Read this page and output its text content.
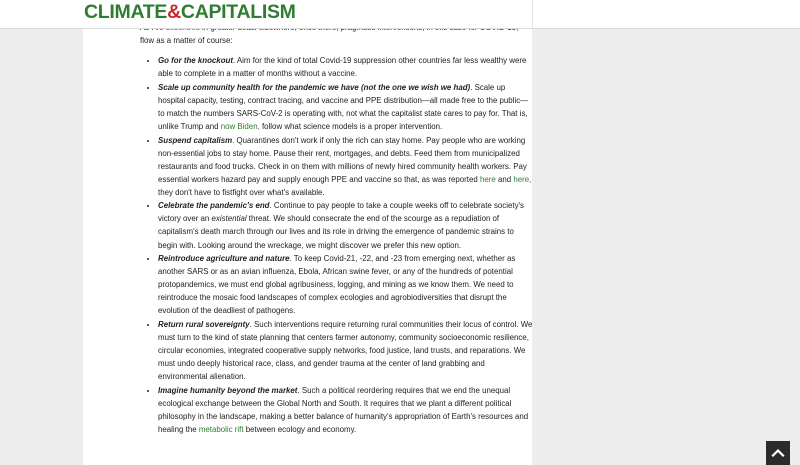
CLIMATE&CAPITALISM

flow as a matter of course:

• Go for the knockout. Aim for the kind of total Covid-19 suppression other countries far less wealthy were able to complete in a matter of months without a vaccine.
• Scale up community health for the pandemic we have (not the one we wish we had). Scale up hospital capacity, testing, contract tracing, and vaccine and PPE distribution—all made free to the public—to match the numbers SARS-CoV-2 is operating with, not what the capitalist state cares to pay for. That is, unlike Trump and now Biden, follow what science models is a proper intervention.
• Suspend capitalism. Quarantines don't work if only the rich can stay home. Pay people who are working non-essential jobs to stay home. Pause their rent, mortgages, and debts. Feed them from municipalized restaurants and food trucks. Check in on them with millions of newly hired community health workers. Pay essential workers hazard pay and supply enough PPE and vaccine so that, as was reported here and here, they don't have to fistfight over what's available.
• Celebrate the pandemic's end. Continue to pay people to take a couple weeks off to celebrate society's victory over an existential threat. We should consecrate the end of the scourge as a repudiation of capitalism's death march through our lives and its role in driving the emergence of pandemic strains to begin with. Looking around the wreckage, we might discover we prefer this new option.
• Reintroduce agriculture and nature. To keep Covid-21, -22, and -23 from emerging next, whether as another SARS or as an avian influenza, Ebola, African swine fever, or any of the hundreds of potential protopandemics, we must end global agribusiness, logging, and mining as we know them. We need to reintroduce the mosaic food landscapes of complex ecologies and agrobiodiversities that disrupt the evolution of the deadliest of pathogens.
• Return rural sovereignty. Such interventions require returning rural communities their locus of control. We must turn to the kind of state planning that centers farmer autonomy, community socioeconomic resilience, circular economies, integrated cooperative supply networks, food justice, land trusts, and reparations. We must undo deeply historical race, class, and gender trauma at the center of land grabbing and environmental alienation.
• Imagine humanity beyond the market. Such a political reordering requires that we end the unequal ecological exchange between the Global North and South. It requires that we plant a different political philosophy in the landscape, making a better balance of humanity's appropriation of Earth's resources and healing the metabolic rift between ecology and economy.
